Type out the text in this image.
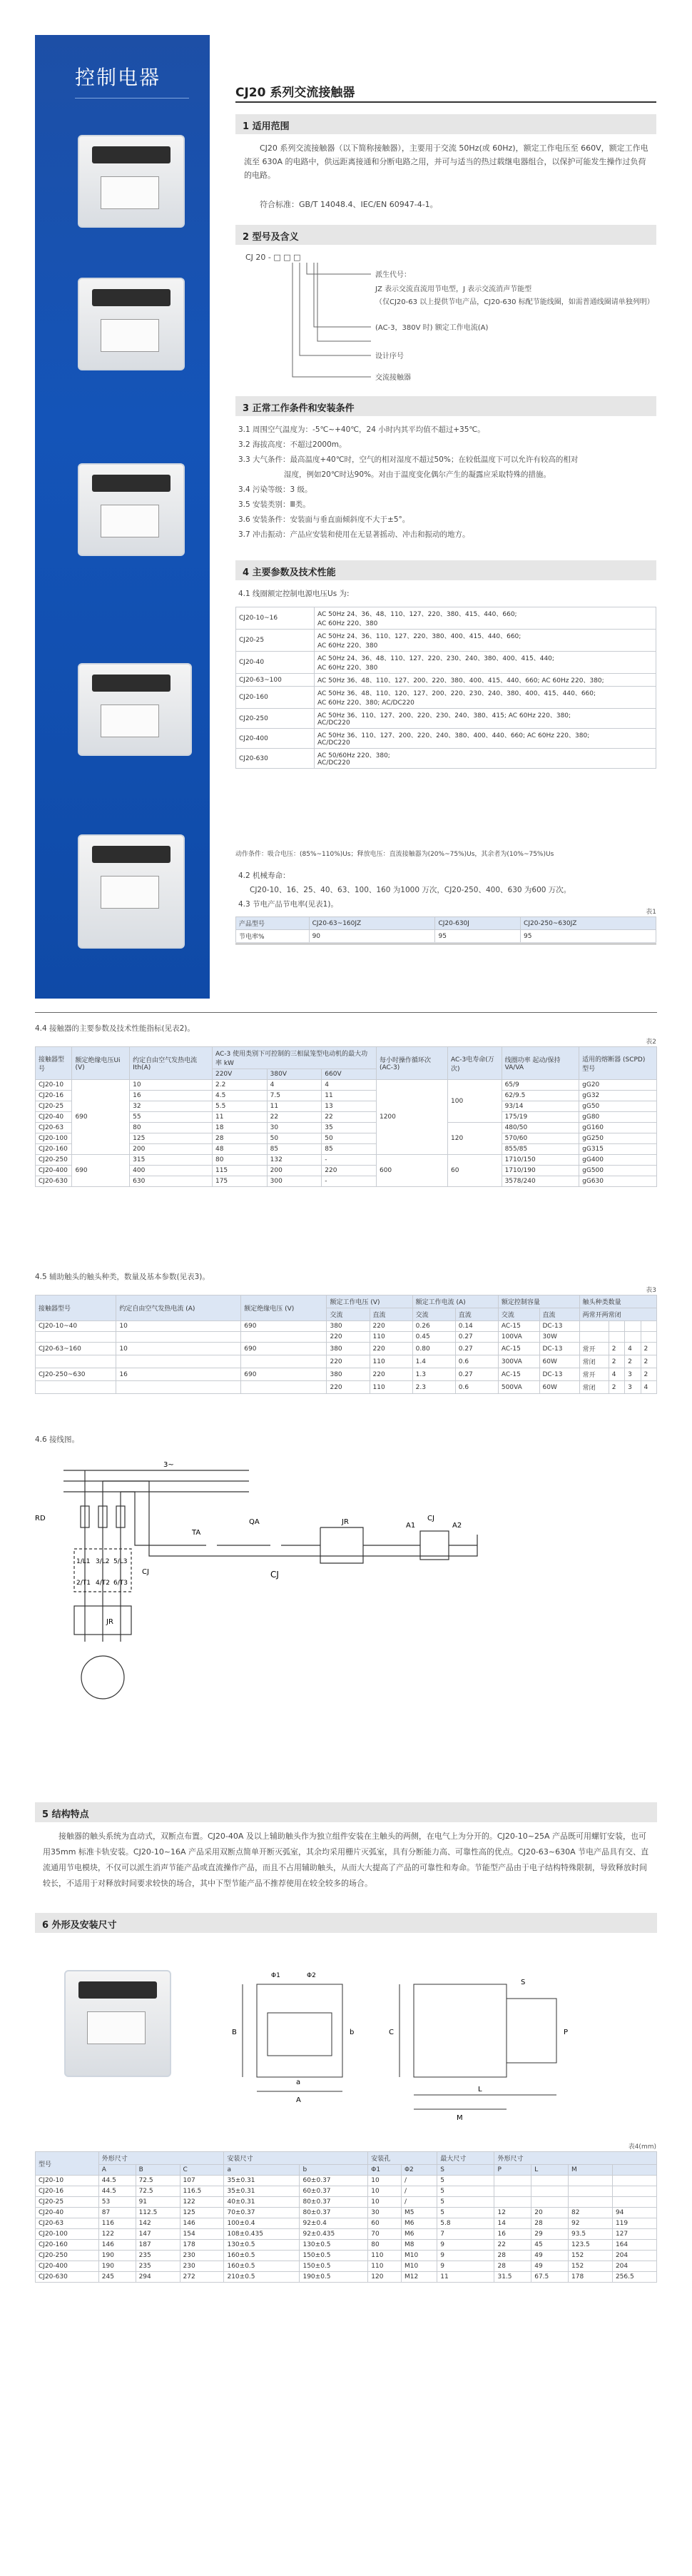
控制电器
CJ20 系列交流接触器
1 适用范围
CJ20 系列交流接触器（以下简称接触器），主要用于交流 50Hz(或 60Hz)，额定工作电压至 660V，额定工作电流至 630A 的电路中，供远距离接通和分断电路之用，并可与适当的热过载继电器组合，以保护可能发生操作过负荷的电路。
符合标准：GB/T 14048.4、IEC/EN 60947-4-1。
2 型号及含义
CJ 20 - □ □ □
派生代号：
JZ 表示交流直流用节电型，J 表示交流消声节能型
（仅CJ20-63 以上提供节电产品，CJ20-630 标配节能线圈，如需普通线圈请单独列明）
(AC-3，380V 时) 额定工作电流(A)
设计序号
交流接触器
3 正常工作条件和安装条件
3.1 周围空气温度为：-5℃~+40℃，24 小时内其平均值不超过+35℃。
3.2 海拔高度：不超过2000m。
3.3 大气条件：最高温度+40℃时，空气的相对湿度不超过50%；在较低温度下可以允许有较高的相对
湿度，例如20℃时达90%。对由于温度变化偶尔产生的凝露应采取特殊的措施。
3.4 污染等级：3 级。
3.5 安装类别：Ⅲ类。
3.6 安装条件：安装面与垂直面倾斜度不大于±5°。
3.7 冲击振动：产品应安装和使用在无显著摇动、冲击和振动的地方。
4 主要参数及技术性能
4.1 线圈额定控制电源电压Us 为:
CJ20-10~16	AC 50Hz 24、36、48、110、127、220、380、415、440、660;
AC 60Hz 220、380

CJ20-25	AC 50Hz 24、36、110、127、220、380、400、415、440、660;
AC 60Hz 220、380

CJ20-40	AC 50Hz 24、36、48、110、127、220、230、240、380、400、415、440;
AC 60Hz 220、380

CJ20-63~100	AC 50Hz 36、48、110、127、200、220、380、400、415、440、660; AC 60Hz 220、380;

CJ20-160	AC 50Hz 36、48、110、120、127、200、220、230、240、380、400、415、440、660;
AC 60Hz 220、380; AC/DC220

CJ20-250	AC 50Hz 36、110、127、200、220、230、240、380、415; AC 60Hz 220、380;
AC/DC220

CJ20-400	AC 50Hz 36、110、127、200、220、240、380、400、440、660; AC 60Hz 220、380;
AC/DC220

CJ20-630	AC 50/60Hz 220、380;
AC/DC220
动作条件：吸合电压：(85%~110%)Us；释放电压：直流接触器为(20%~75%)Us，其余者为(10%~75%)Us
4.2 机械寿命：
CJ20-10、16、25、40、63、100、160 为1000 万次，CJ20-250、400、630 为600 万次。
4.3 节电产品节电率(见表1)。
表1
产品型号	CJ20-63~160JZ	CJ20-630J	CJ20-250~630JZ
节电率%	90	95	95
4.4 接触器的主要参数及技术性能指标(见表2)。
表2
接触器型号	额定绝缘电压Ui (V)	约定自由空气发热电流 Ith(A)	AC-3 使用类别下可控制的三相鼠笼型电动机的最大功率 kW			每小时操作循环次(AC-3)	AC-3电寿命(万次)	线圈功率 起动/保持 VA/VA	适用的熔断器 (SCPD) 型号
			220V	380V	660V				
CJ20-10	690	10	2.2	4	4	1200	100	65/9	gG20
CJ20-16		16	4.5	7.5	11			62/9.5	gG32
CJ20-25		32	5.5	11	13			93/14	gG50
CJ20-40		55	11	22	22			175/19	gG80
CJ20-63		80	18	30	35		120	480/50	gG160
CJ20-100		125	28	50	50			570/60	gG250
CJ20-160		200	48	85	85			855/85	gG315
CJ20-250	690	315	80	132	-	600	60	1710/150	gG400
CJ20-400		400	115	200	220			1710/190	gG500
CJ20-630		630	175	300	-			3578/240	gG630
4.5 辅助触头的触头种类，数量及基本参数(见表3)。
表3
接触器型号	约定自由空气发热电流 (A)	额定绝缘电压 (V)	额定工作电压 (V)		额定工作电流 (A)		额定控制容量		触头种类数量			
			交流	直流	交流	直流	交流	直流	两常开两常闭			
CJ20-10~40	10	690	380	220	0.26	0.14	AC-15	DC-13				
			220	110	0.45	0.27	100VA	30W				
CJ20-63~160	10	690	380	220	0.80	0.27	AC-15	DC-13	常开	2	4	2
			220	110	1.4	0.6	300VA	60W	常闭	2	2	2
CJ20-250~630	16	690	380	220	1.3	0.27	AC-15	DC-13	常开	4	3	2
			220	110	2.3	0.6	500VA	60W	常闭	2	3	4
4.6 接线图。
3~
RD
1/L1 3/L2 5/L3
2/T1 4/T2 6/T3
CJ
JR
TA
QA
CJ
JR	A1	A2
CJ
5 结构特点
接触器的触头系统为直动式，双断点布置。CJ20-40A 及以上辅助触头作为独立组件安装在主触头的两侧，在电气上为分开的。CJ20-10~25A 产品既可用螺钉安装，也可用35mm 标准卡轨安装。CJ20-10~16A 产品采用双断点简单开断灭弧室，其余均采用栅片灭弧室，具有分断能力高、可靠性高的优点。CJ20-63~630A 节电产品具有交、直流通用节电模块，不仅可以派生消声节能产品或直流操作产品，而且不占用辅助触头，从而大大提高了产品的可靠性和寿命。节能型产品由于电子结构特殊限制，导致释放时间较长，不适用于对释放时间要求较快的场合，其中下型节能产品不推荐使用在较全较多的场合。
6 外形及安装尺寸
B
A
Φ1	Φ2
C
S
P
L
M
b
a
表4(mm)
型号	外形尺寸			安装尺寸		安装孔		最大尺寸	外形尺寸			
	A	B	C	a	b	Φ1	Φ2	S	P	L	M	
CJ20-10	44.5	72.5	107	35±0.31	60±0.37	10	/	5				
CJ20-16	44.5	72.5	116.5	35±0.31	60±0.37	10	/	5				
CJ20-25	53	91	122	40±0.31	80±0.37	10	/	5				
CJ20-40	87	112.5	125	70±0.37	80±0.37	30	M5	5	12	20	82	94
CJ20-63	116	142	146	100±0.4	92±0.4	60	M6	5.8	14	28	92	119
CJ20-100	122	147	154	108±0.435	92±0.435	70	M6	7	16	29	93.5	127
CJ20-160	146	187	178	130±0.5	130±0.5	80	M8	9	22	45	123.5	164
CJ20-250	190	235	230	160±0.5	150±0.5	110	M10	9	28	49	152	204
CJ20-400	190	235	230	160±0.5	150±0.5	110	M10	9	28	49	152	204
CJ20-630	245	294	272	210±0.5	190±0.5	120	M12	11	31.5	67.5	178	256.5
